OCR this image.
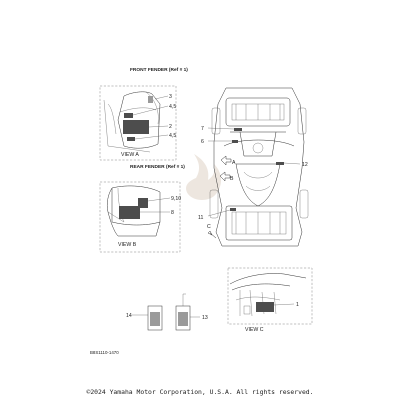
FRONT FENDER (Ref # 1)
3
4,5
2
4,5
VIEW A
REAR FENDER (Ref # 1)
9,10
8
VIEW B
7
6
12
11
A
B
C
1
VIEW C
14	13
B8S1110-1470
©2024 Yamaha Motor Corporation, U.S.A. All rights reserved.
